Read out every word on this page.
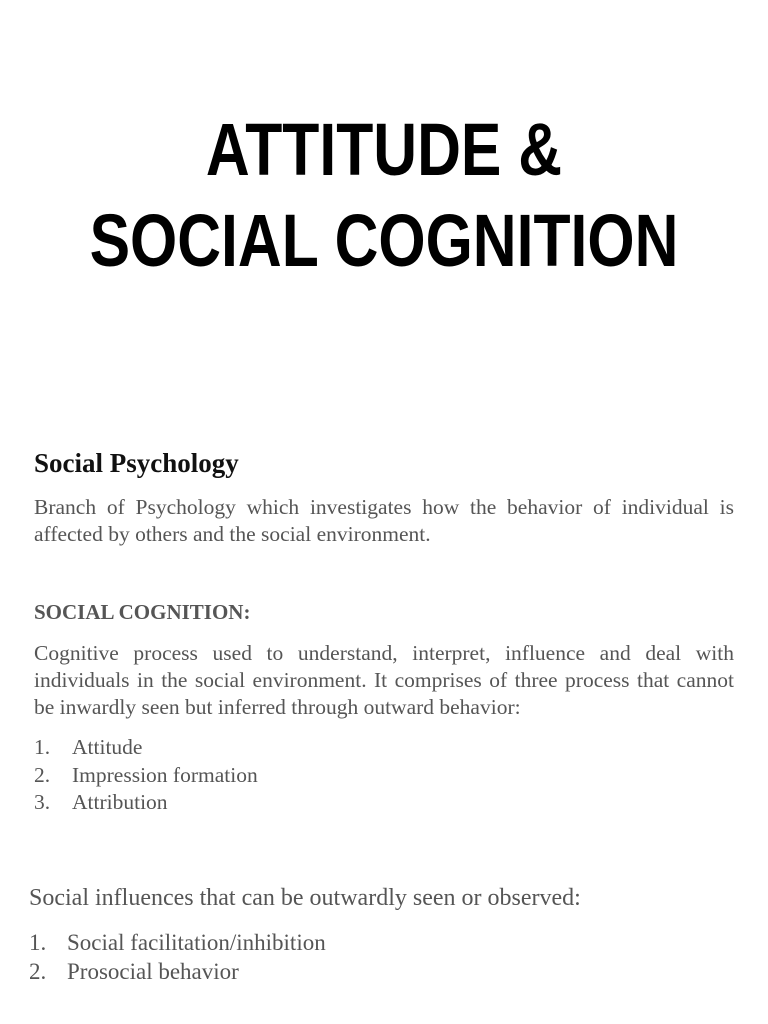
ATTITUDE &
SOCIAL COGNITION
Social Psychology

Branch of Psychology which investigates how the behavior of individual is affected by others and the social environment.

SOCIAL COGNITION:

Cognitive process used to understand, interpret, influence and deal with individuals in the social environment. It comprises of three process that cannot be inwardly seen but inferred through outward behavior:

1. Attitude
2. Impression formation
3. Attribution

Social influences that can be outwardly seen or observed:

1. Social facilitation/inhibition
2. Prosocial behavior
